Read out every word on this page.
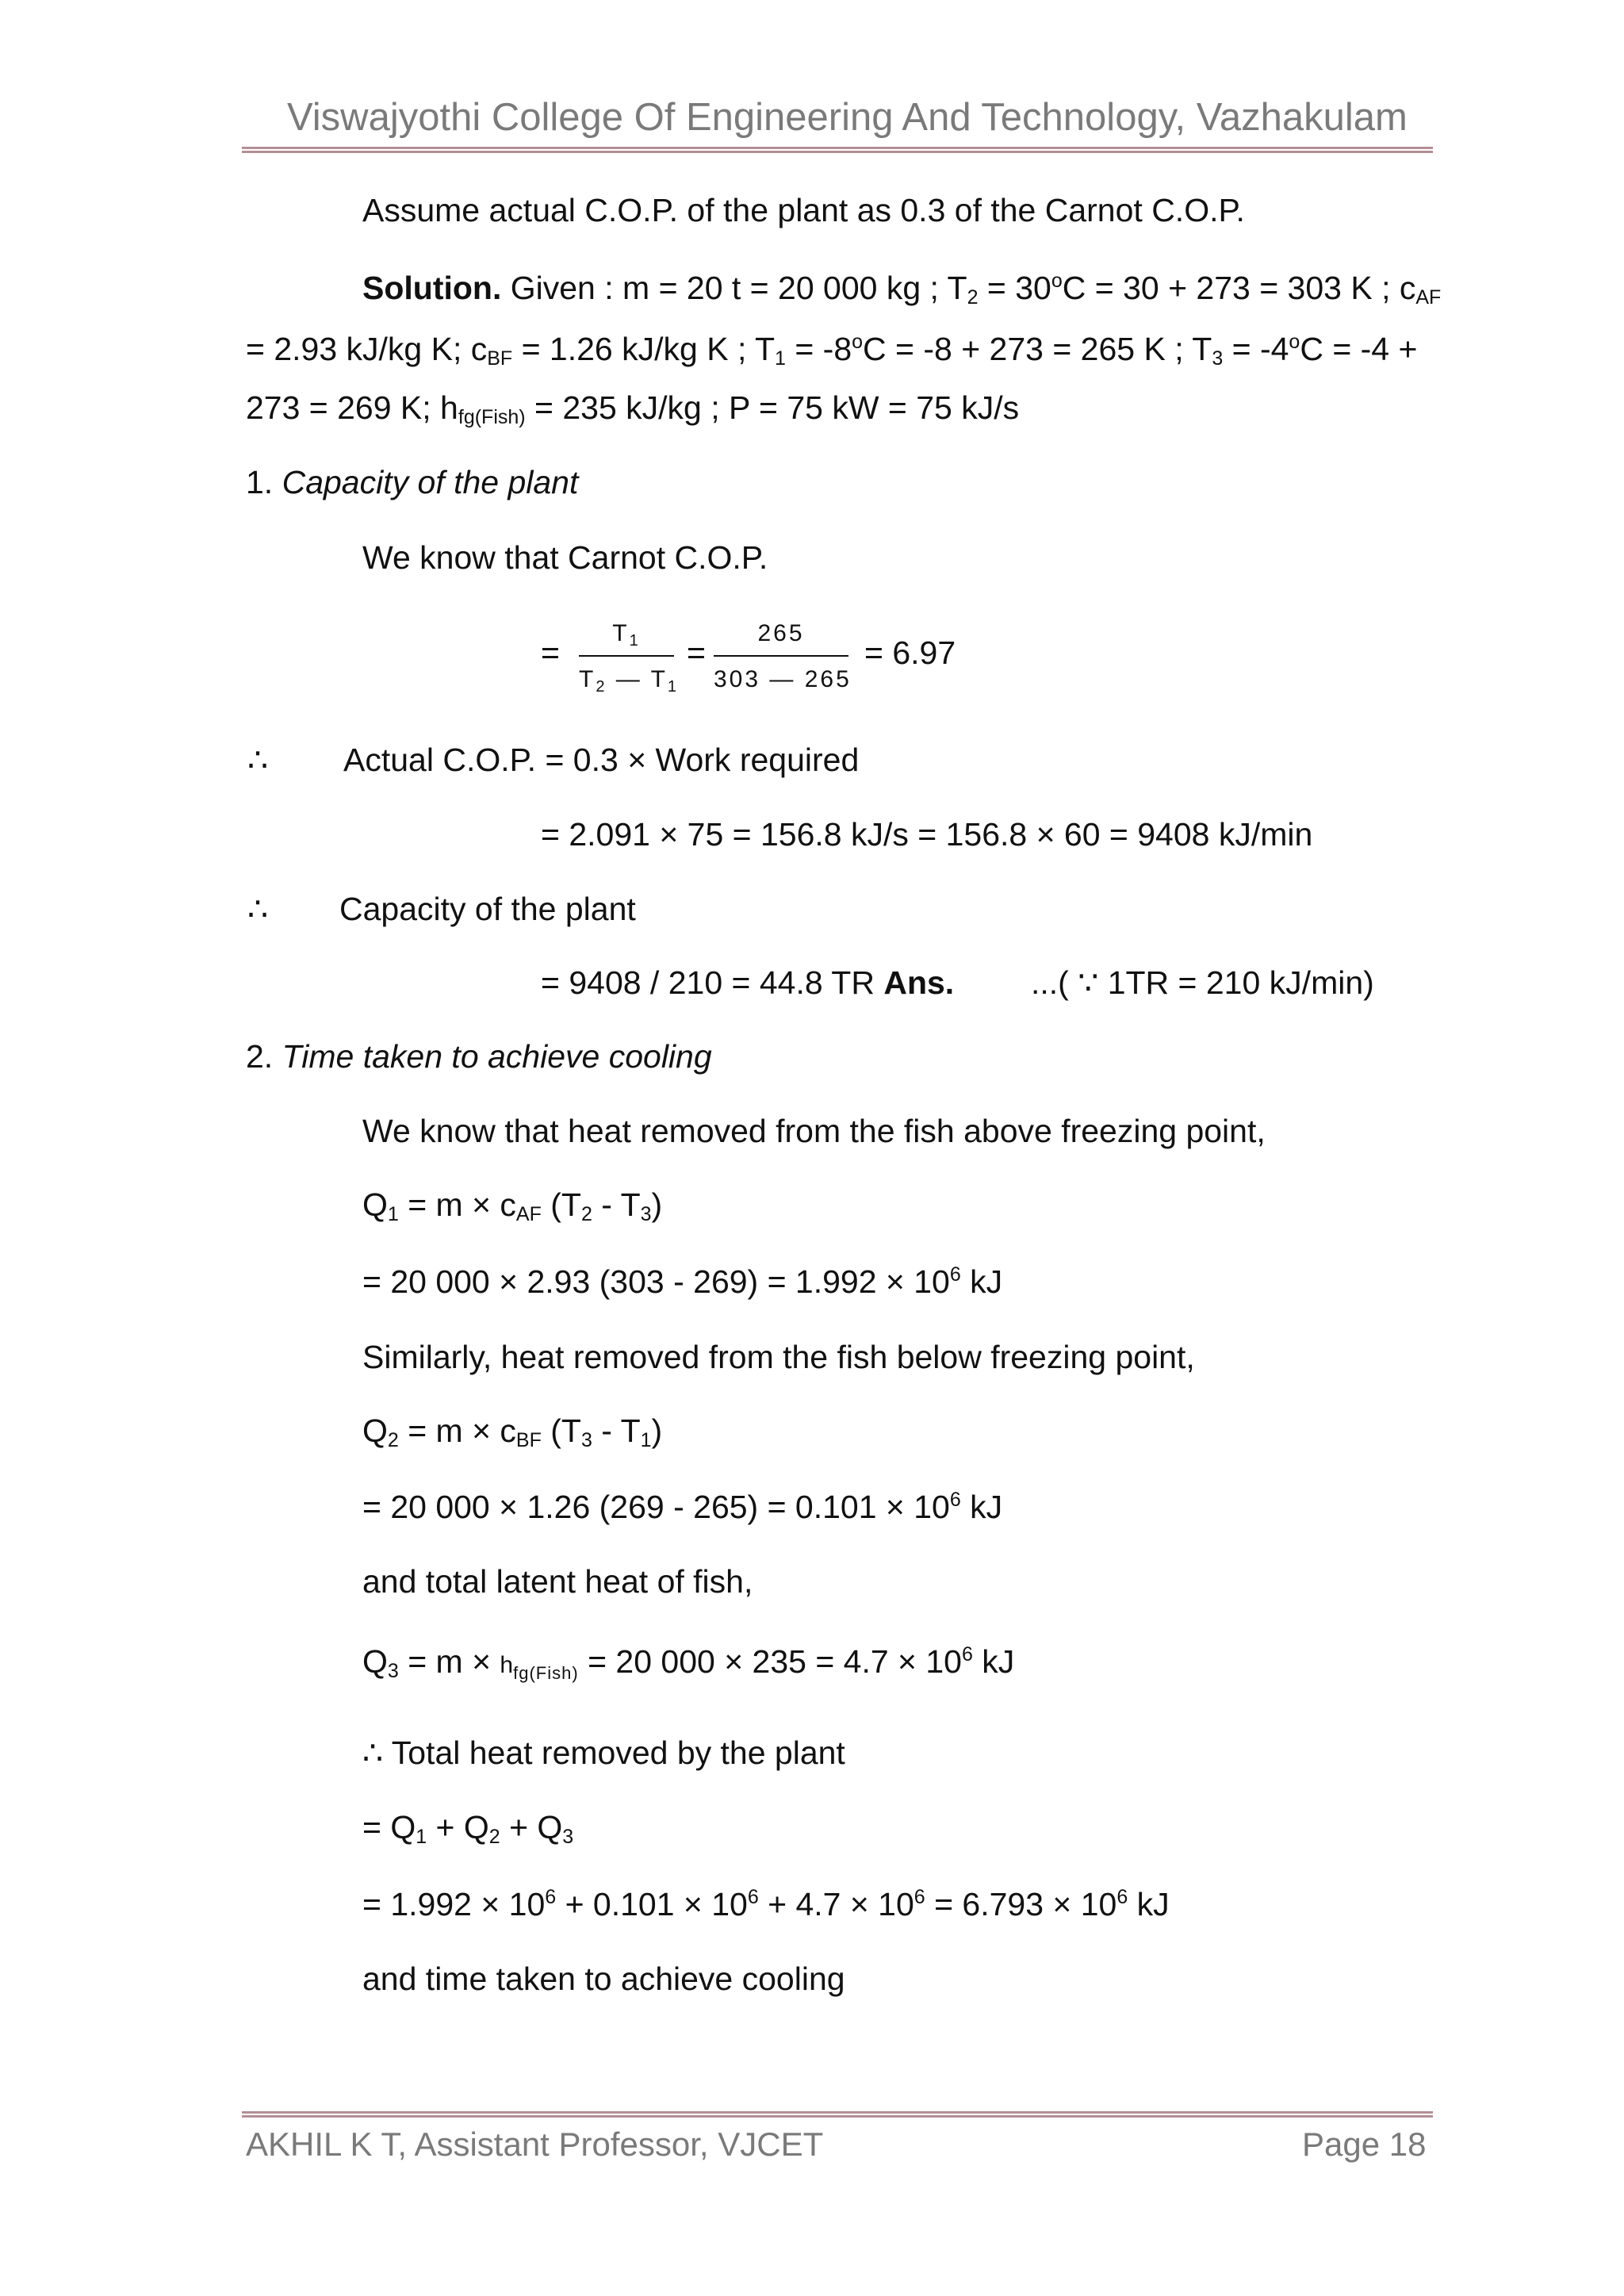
Viswajyothi College Of Engineering And Technology, Vazhakulam
Assume actual C.O.P. of the plant as 0.3 of the Carnot C.O.P.
Solution. Given : m = 20 t = 20 000 kg ; $T_2 = 30^oC = 30 + 273 = 303$ K ; $c_{AF}$
= 2.93 kJ/kg K; $c_{BF} = 1.26$ kJ/kg K ; $T_1 = -8^oC = -8 + 273 = 265$ K ; $T_3 = -4^oC = -4$ +
273 = 269 K; $h_{fg(Fish)} = 235$ kJ/kg ; P = 75 kW = 75 kJ/s
1. Capacity of the plant
We know that Carnot C.O.P.
=
$T_1$
$T_2$ — $T_1$
=
265
303 — 265
= 6.97
∴ Actual C.O.P. = 0.3 × Work required
= 2.091 × 75 = 156.8 kJ/s = 156.8 × 60 = 9408 kJ/min
∴ Capacity of the plant
= 9408 / 210 = 44.8 TR Ans. ...( ∵ 1TR = 210 kJ/min)
2. Time taken to achieve cooling
We know that heat removed from the fish above freezing point,
$Q_1 = m \times c_{AF}$ $(T_2 - T_3)$
= 20 000 × 2.93 $(303 - 269) = 1.992 \times 10^6$ kJ
Similarly, heat removed from the fish below freezing point,
$Q_2 = m \times c_{BF}$ $(T_3 - T_1)$
= 20 000 × 1.26 $(269 - 265) = 0.101 \times 10^6$ kJ
and total latent heat of fish,
$Q_3 = m$ × hfg(Fish) = 20 $000 \times 235 = 4.7 \times 10^6$ kJ
∴ Total heat removed by the plant
= $Q_1 + Q_2 + Q_3$
= $1.992 \times 10^6 + 0.101 \times 10^6 + 4.7 \times 10^6 = 6.793 \times 10^6$ kJ
and time taken to achieve cooling
AKHIL K T, Assistant Professor, VJCET	Page 18
